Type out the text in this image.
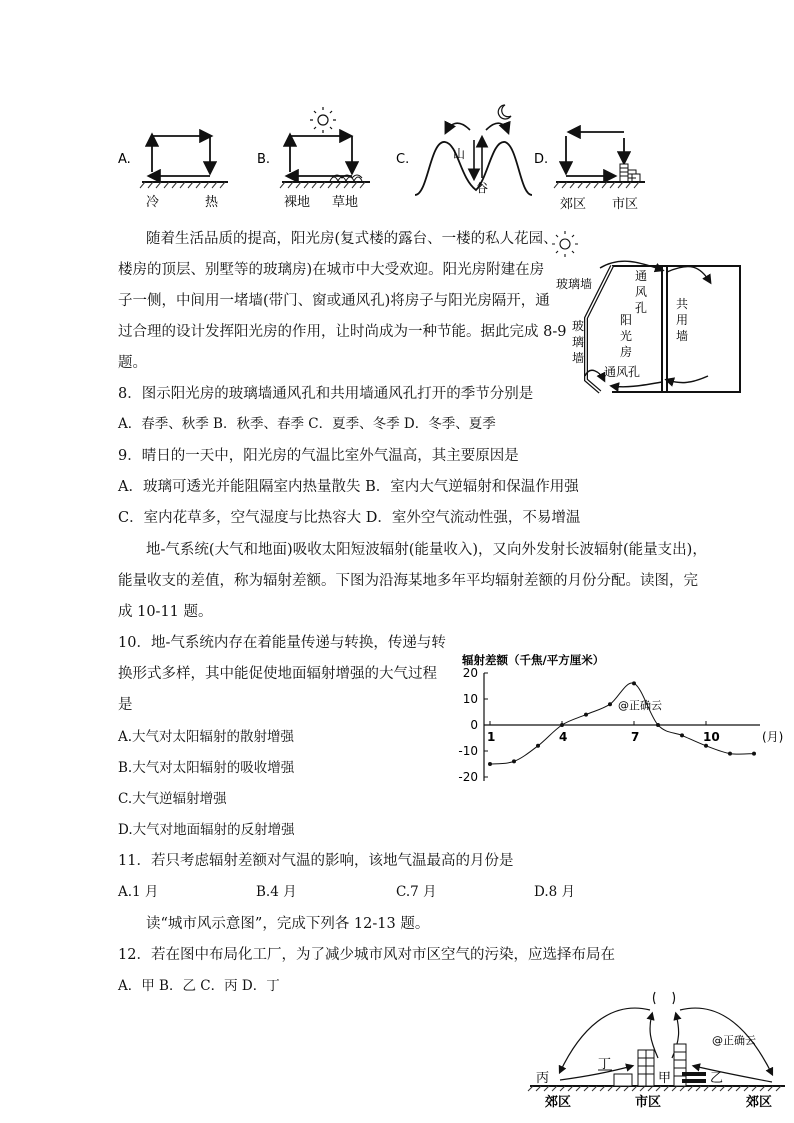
A.
冷	热
B.
裸地 草地
C.	山
谷
D.
郊区 市区
随着生活品质的提高，阳光房(复式楼的露台、一楼的私人花园、
楼房的顶层、别墅等的玻璃房)在城市中大受欢迎。阳光房附建在房
子一侧，中间用一堵墙(带门、窗或通风孔)将房子与阳光房隔开，通
过合理的设计发挥阳光房的作用，让时尚成为一种节能。据此完成 8-9
题。
玻璃墙
玻
璃
墙
通
风
孔
阳
光
房
共
用
墙
通风孔
8．图示阳光房的玻璃墙通风孔和共用墙通风孔打开的季节分别是
A．春季、秋季 B．秋季、春季 C．夏季、冬季 D．冬季、夏季
9．晴日的一天中，阳光房的气温比室外气温高，其主要原因是
A．玻璃可透光并能阻隔室内热量散失 B．室内大气逆辐射和保温作用强
C．室内花草多，空气湿度与比热容大 D．室外空气流动性强，不易增温
地-气系统(大气和地面)吸收太阳短波辐射(能量收入)，又向外发射长波辐射(能量支出)，
能量收支的差值，称为辐射差额。下图为沿海某地多年平均辐射差额的月份分配。读图，完
成 10-11 题。
10．地-气系统内存在着能量传递与转换，传递与转
换形式多样，其中能促使地面辐射增强的大气过程
是
A.大气对太阳辐射的散射增强
B.大气对太阳辐射的吸收增强
C.大气逆辐射增强
D.大气对地面辐射的反射增强
辐射差额（千焦/平方厘米）
(月)
@正确云
20
10
0
-10
-20
1	4	7	10
11．若只考虑辐射差额对气温的影响，该地气温最高的月份是
A.1 月	B.4 月	C.7 月	D.8 月
读“城市风示意图”，完成下列各 12-13 题。
12．若在图中布局化工厂，为了减少城市风对市区空气的污染，应选择布局在
A．甲 B．乙 C．丙 D．丁
丙
丁
甲	乙
@正确云
郊区	市区	郊区
